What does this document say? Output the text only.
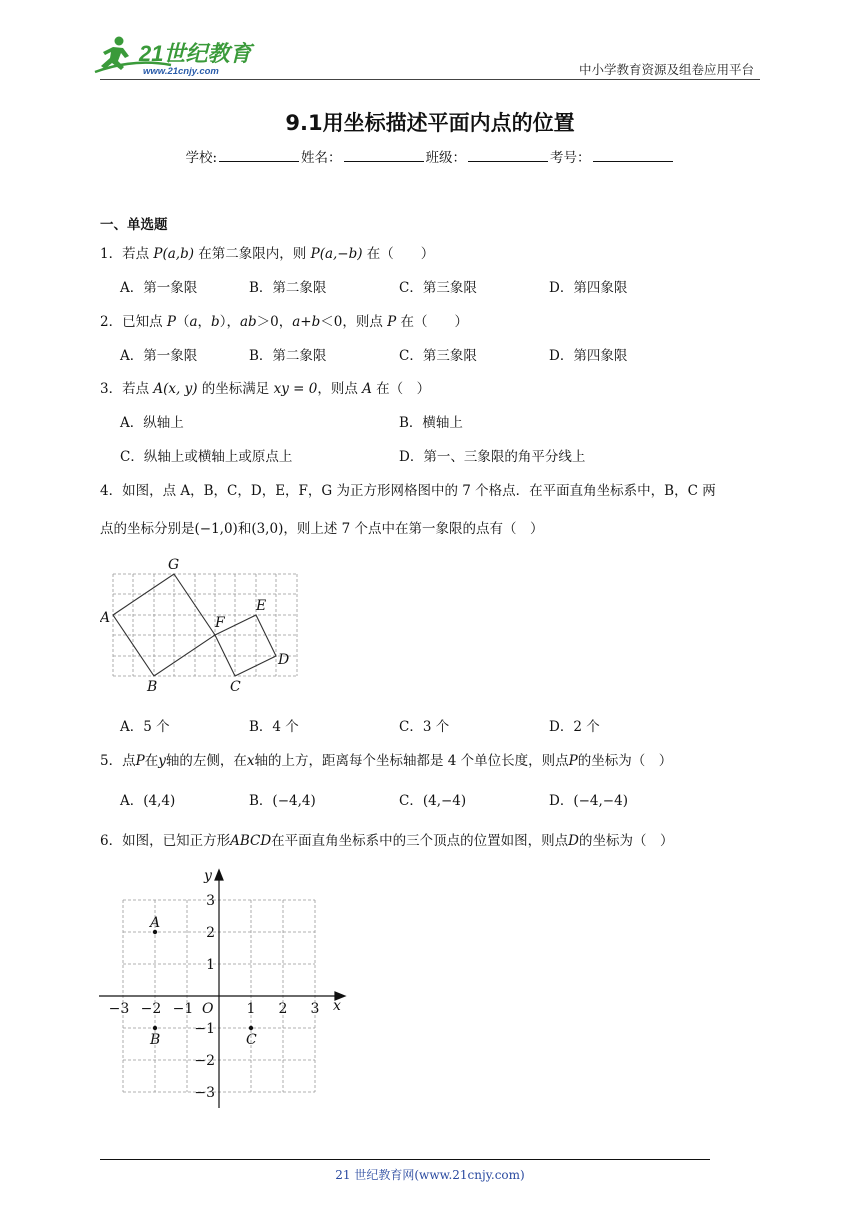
21世纪教育
www.21cnjy.com	中小学教育资源及组卷应用平台
9.1用坐标描述平面内点的位置
学校:	姓名：	班级：	考号：
一、单选题
1．若点 P(a,b) 在第二象限内，则 P(a,−b) 在（　　）
A．第一象限	B．第二象限	C．第三象限	D．第四象限
2．已知点 P（a，b），ab＞0，a+b＜0，则点 P 在（　　）
A．第一象限	B．第二象限	C．第三象限	D．第四象限
3．若点 A(x, y) 的坐标满足 xy = 0，则点 A 在（　）
A．纵轴上	B．横轴上
C．纵轴上或横轴上或原点上	D．第一、三象限的角平分线上
4．如图，点 A，B，C，D，E，F，G 为正方形网格图中的 7 个格点．在平面直角坐标系中，B，C 两
点的坐标分别是(−1,0)和(3,0)，则上述 7 个点中在第一象限的点有（　）
A
B	C
D
E
F
G
A．5 个	B．4 个	C．3 个	D．2 个
5．点P在y轴的左侧，在x轴的上方，距离每个坐标轴都是 4 个单位长度，则点P的坐标为（　）
A．(4,4)	B．(−4,4)	C．(4,−4)	D．(−4,−4)
6．如图，已知正方形ABCD在平面直角坐标系中的三个顶点的位置如图，则点D的坐标为（　）
x
y
O
−3 −2 −1	1 2 3
3
2
1
−1
−2
−3
A
B	C
21 世纪教育网(www.21cnjy.com)
